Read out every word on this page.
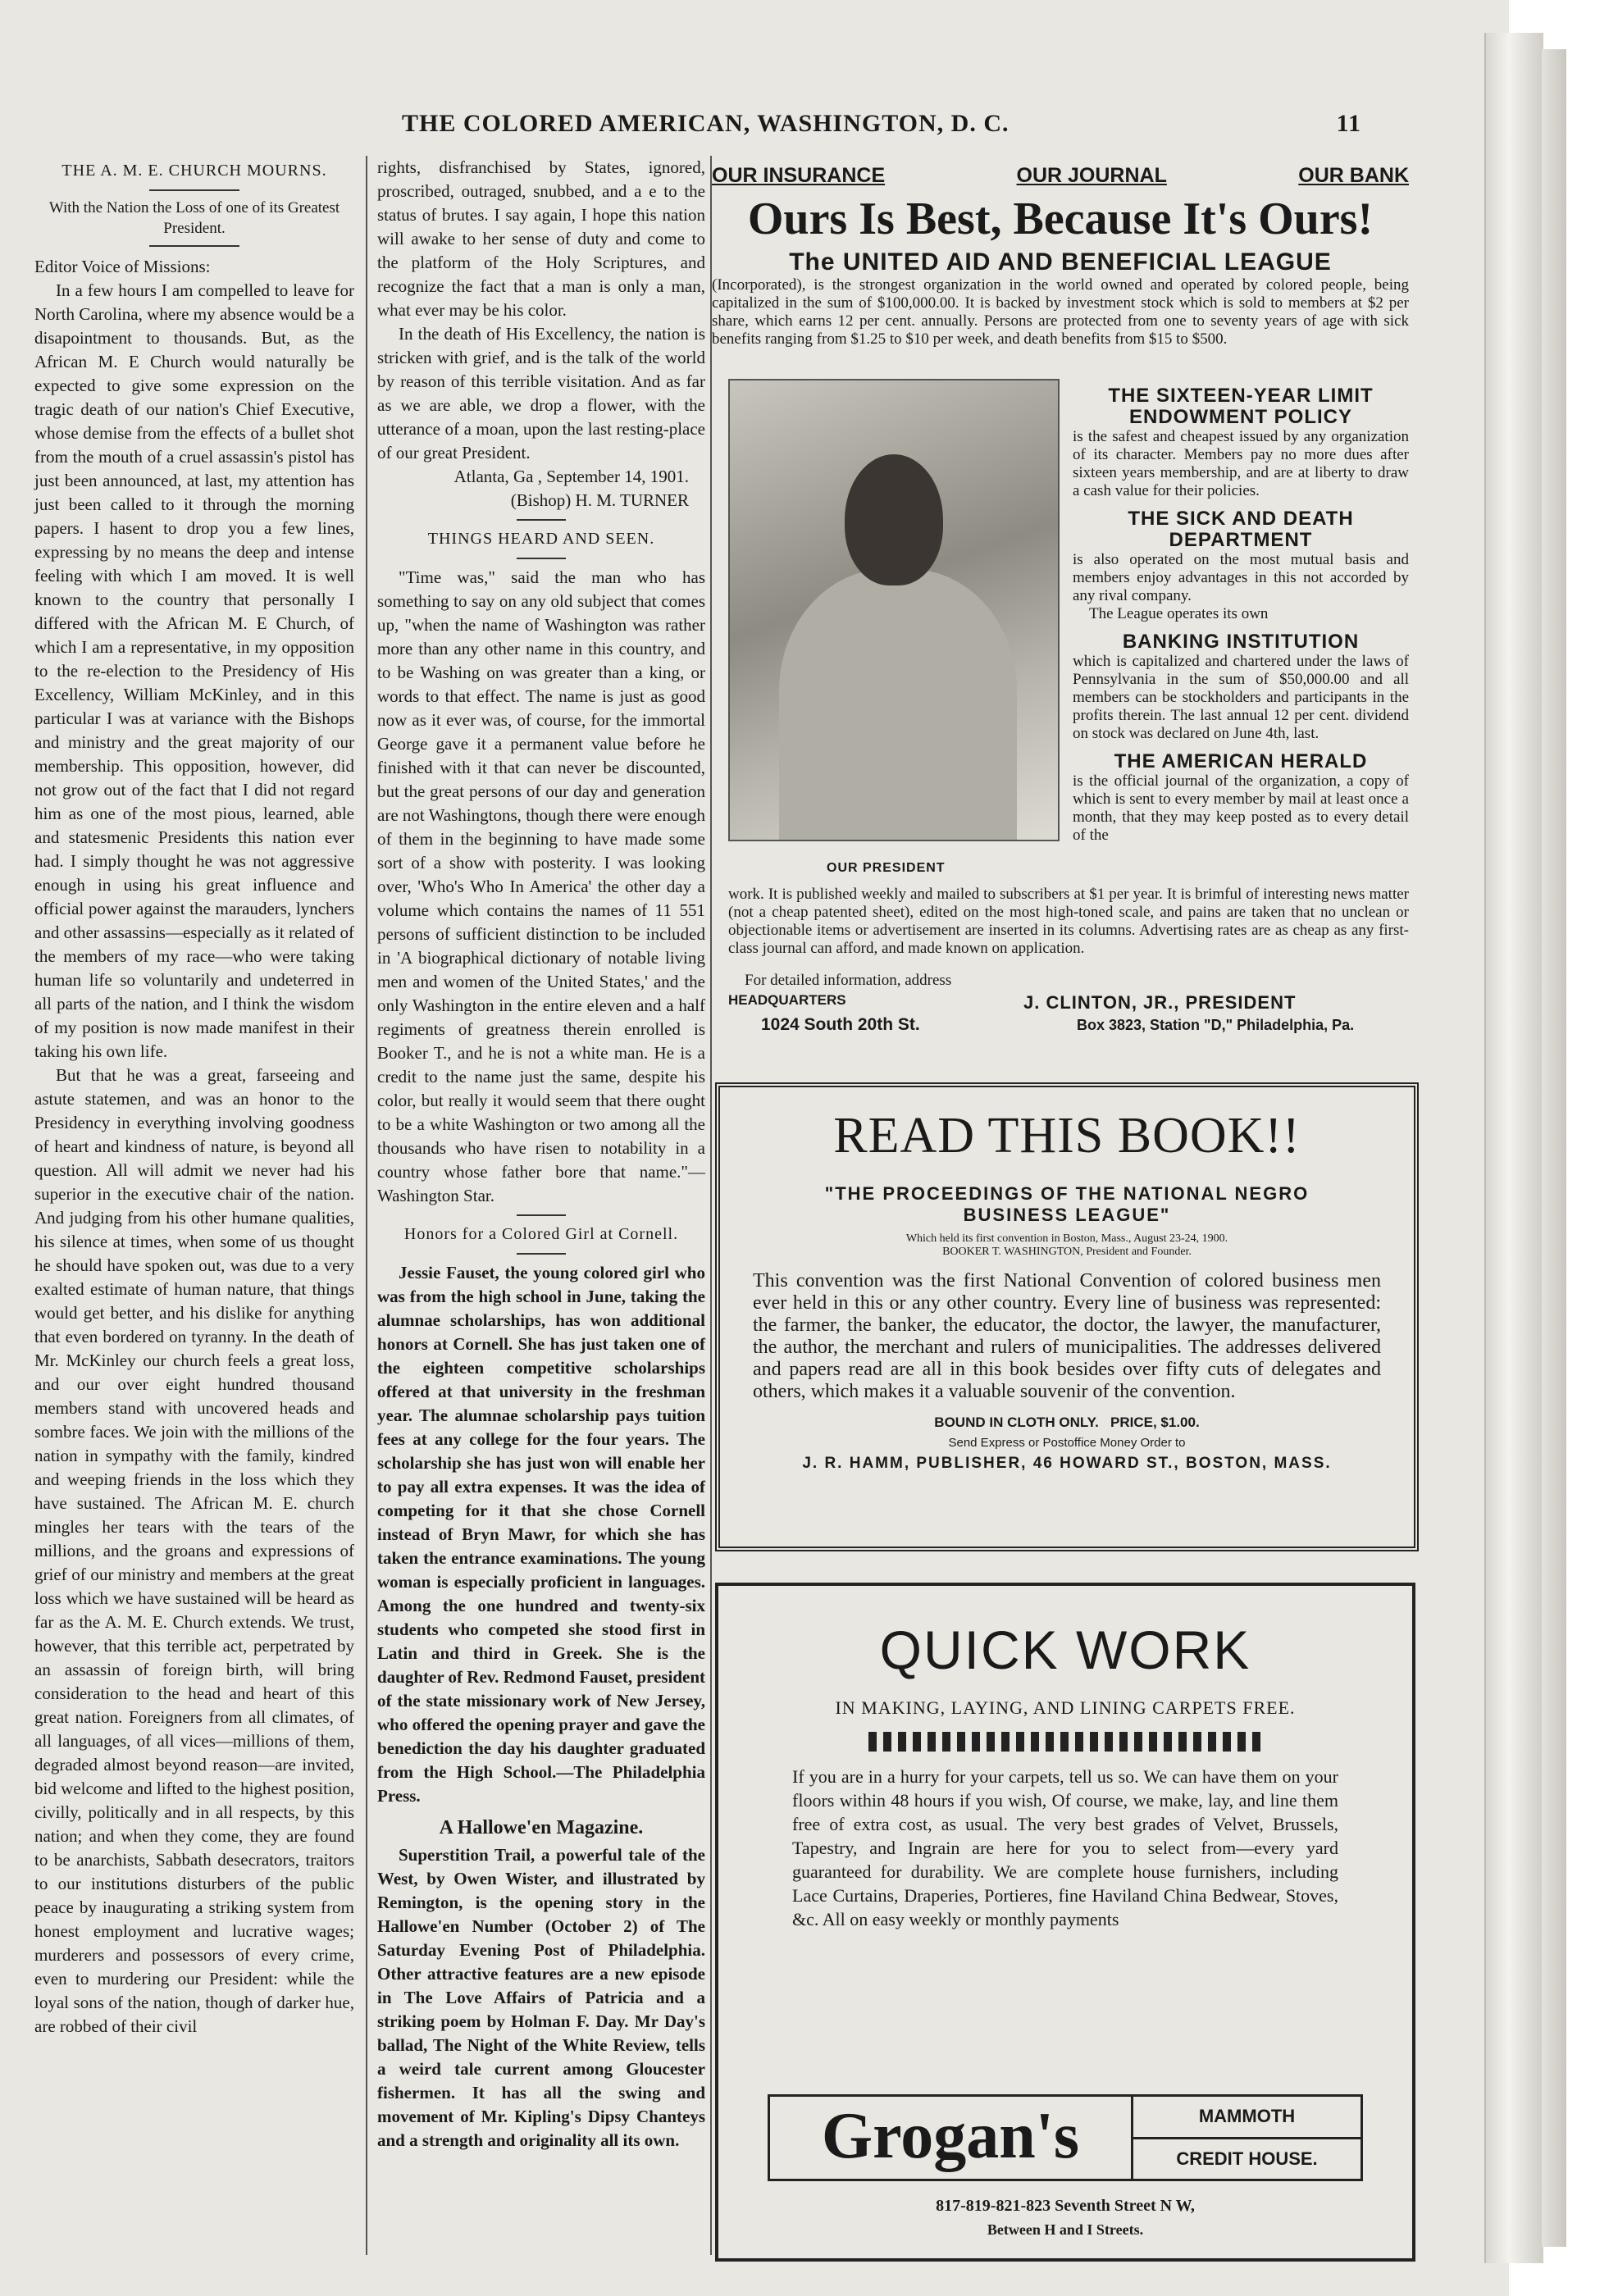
THE COLORED AMERICAN, WASHINGTON, D. C.	11
THE A. M. E. CHURCH MOURNS.
With the Nation the Loss of one of its Greatest President.
Editor Voice of Missions:

In a few hours I am compelled to leave for North Carolina, where my absence would be a disapointment to thousands. But, as the African M. E Church would naturally be expected to give some expression on the tragic death of our nation's Chief Executive, whose demise from the effects of a bullet shot from the mouth of a cruel assassin's pistol has just been announced, at last, my attention has just been called to it through the morning papers. I hasent to drop you a few lines, expressing by no means the deep and intense feeling with which I am moved. It is well known to the country that personally I differed with the African M. E Church, of which I am a representative, in my opposition to the re-election to the Presidency of His Excellency, William McKinley, and in this particular I was at variance with the Bishops and ministry and the great majority of our membership. This opposition, however, did not grow out of the fact that I did not regard him as one of the most pious, learned, able and statesmenic Presidents this nation ever had. I simply thought he was not aggressive enough in using his great influence and official power against the marauders, lynchers and other assassins—especially as it related of the members of my race—who were taking human life so voluntarily and undeterred in all parts of the nation, and I think the wisdom of my position is now made manifest in their taking his own life.

But that he was a great, farseeing and astute statemen, and was an honor to the Presidency in everything involving goodness of heart and kindness of nature, is beyond all question. All will admit we never had his superior in the executive chair of the nation. And judging from his other humane qualities, his silence at times, when some of us thought he should have spoken out, was due to a very exalted estimate of human nature, that things would get better, and his dislike for anything that even bordered on tyranny. In the death of Mr. McKinley our church feels a great loss, and our over eight hundred thousand members stand with uncovered heads and sombre faces. We join with the millions of the nation in sympathy with the family, kindred and weeping friends in the loss which they have sustained. The African M. E. church mingles her tears with the tears of the millions, and the groans and expressions of grief of our ministry and members at the great loss which we have sustained will be heard as far as the A. M. E. Church extends. We trust, however, that this terrible act, perpetrated by an assassin of foreign birth, will bring consideration to the head and heart of this great nation. Foreigners from all climates, of all languages, of all vices—millions of them, degraded almost beyond reason—are invited, bid welcome and lifted to the highest position, civilly, politically and in all respects, by this nation; and when they come, they are found to be anarchists, Sabbath desecrators, traitors to our institutions disturbers of the public peace by inaugurating a striking system from honest employment and lucrative wages; murderers and possessors of every crime, even to murdering our President: while the loyal sons of the nation, though of darker hue, are robbed of their civil

rights, disfranchised by States, ignored, proscribed, outraged, snubbed, and a e to the status of brutes. I say again, I hope this nation will awake to her sense of duty and come to the platform of the Holy Scriptures, and recognize the fact that a man is only a man, what ever may be his color.

In the death of His Excellency, the nation is stricken with grief, and is the talk of the world by reason of this terrible visitation. And as far as we are able, we drop a flower, with the utterance of a moan, upon the last resting-place of our great President.

Atlanta, Ga , September 14, 1901.
(Bishop) H. M. TURNER
THINGS HEARD AND SEEN.

"Time was," said the man who has something to say on any old subject that comes up, "when the name of Washington was rather more than any other name in this country, and to be Washing on was greater than a king, or words to that effect. The name is just as good now as it ever was, of course, for the immortal George gave it a permanent value before he finished with it that can never be discounted, but the great persons of our day and generation are not Washingtons, though there were enough of them in the beginning to have made some sort of a show with posterity. I was looking over, 'Who's Who In America' the other day a volume which contains the names of 11 551 persons of sufficient distinction to be included in 'A biographical dictionary of notable living men and women of the United States,' and the only Washington in the entire eleven and a half regiments of greatness therein enrolled is Booker T., and he is not a white man. He is a credit to the name just the same, despite his color, but really it would seem that there ought to be a white Washington or two among all the thousands who have risen to notability in a country whose father bore that name."—Washington Star.

Honors for a Colored Girl at Cornell.

Jessie Fauset, the young colored girl who was from the high school in June, taking the alumnae scholarships, has won additional honors at Cornell. She has just taken one of the eighteen competitive scholarships offered at that university in the freshman year. The alumnae scholarship pays tuition fees at any college for the four years. The scholarship she has just won will enable her to pay all extra expenses. It was the idea of competing for it that she chose Cornell instead of Bryn Mawr, for which she has taken the entrance examinations. The young woman is especially proficient in languages. Among the one hundred and twenty-six students who competed she stood first in Latin and third in Greek. She is the daughter of Rev. Redmond Fauset, president of the state missionary work of New Jersey, who offered the opening prayer and gave the benediction the day his daughter graduated from the High School.—The Philadelphia Press.

A Hallowe'en Magazine.

Superstition Trail, a powerful tale of the West, by Owen Wister, and illustrated by Remington, is the opening story in the Hallowe'en Number (October 2) of The Saturday Evening Post of Philadelphia. Other attractive features are a new episode in The Love Affairs of Patricia and a striking poem by Holman F. Day. Mr Day's ballad, The Night of the White Review, tells a weird tale current among Gloucester fishermen. It has all the swing and movement of Mr. Kipling's Dipsy Chanteys and a strength and originality all its own.

OUR INSURANCE	OUR JOURNAL	OUR BANK
Ours Is Best, Because It's Ours!
The UNITED AID AND BENEFICIAL LEAGUE
(Incorporated), is the strongest organization in the world owned and operated by colored people, being capitalized in the sum of $100,000.00. It is backed by investment stock which is sold to members at $2 per share, which earns 12 per cent. annually. Persons are protected from one to seventy years of age with sick benefits ranging from $1.25 to $10 per week, and death benefits from $15 to $500.
OUR PRESIDENT
THE SIXTEEN-YEAR LIMIT ENDOWMENT POLICY
is the safest and cheapest issued by any organization of its character. Members pay no more dues after sixteen years membership, and are at liberty to draw a cash value for their policies.
THE SICK AND DEATH DEPARTMENT
is also operated on the most mutual basis and members enjoy advantages in this not accorded by any rival company.
The League operates its own
BANKING INSTITUTION
which is capitalized and chartered under the laws of Pennsylvania in the sum of $50,000.00 and all members can be stockholders and participants in the profits therein. The last annual 12 per cent. dividend on stock was declared on June 4th, last.
THE AMERICAN HERALD
is the official journal of the organization, a copy of which is sent to every member by mail at least once a month, that they may keep posted as to every detail of the
work. It is published weekly and mailed to subscribers at $1 per year. It is brimful of interesting news matter (not a cheap patented sheet), edited on the most high-toned scale, and pains are taken that no unclean or objectionable items or advertisement are inserted in its columns. Advertising rates are as cheap as any first-class journal can afford, and made known on application.
For detailed information, address
HEADQUARTERS
1024 South 20th St.
J. CLINTON, JR., PRESIDENT
Box 3823, Station "D," Philadelphia, Pa.
READ THIS BOOK!!
"THE PROCEEDINGS OF THE NATIONAL NEGRO BUSINESS LEAGUE"
Which held its first convention in Boston, Mass., August 23-24, 1900.
BOOKER T. WASHINGTON, President and Founder.
This convention was the first National Convention of colored business men ever held in this or any other country. Every line of business was represented: the farmer, the banker, the educator, the doctor, the lawyer, the manufacturer, the author, the merchant and rulers of municipalities. The addresses delivered and papers read are all in this book besides over fifty cuts of delegates and others, which makes it a valuable souvenir of the convention.
BOUND IN CLOTH ONLY.   PRICE, $1.00.
Send Express or Postoffice Money Order to
J. R. HAMM, PUBLISHER, 46 HOWARD ST., BOSTON, MASS.
QUICK WORK
IN MAKING, LAYING, AND LINING CARPETS FREE.
If you are in a hurry for your carpets, tell us so. We can have them on your floors within 48 hours if you wish, Of course, we make, lay, and line them free of extra cost, as usual. The very best grades of Velvet, Brussels, Tapestry, and Ingrain are here for you to select from—every yard guaranteed for durability. We are complete house furnishers, including Lace Curtains, Draperies, Portieres, fine Haviland China Bedwear, Stoves, &c. All on easy weekly or monthly payments
Grogan's	MAMMOTH
CREDIT HOUSE.
817-819-821-823 Seventh Street N W,
Between H and I Streets.
